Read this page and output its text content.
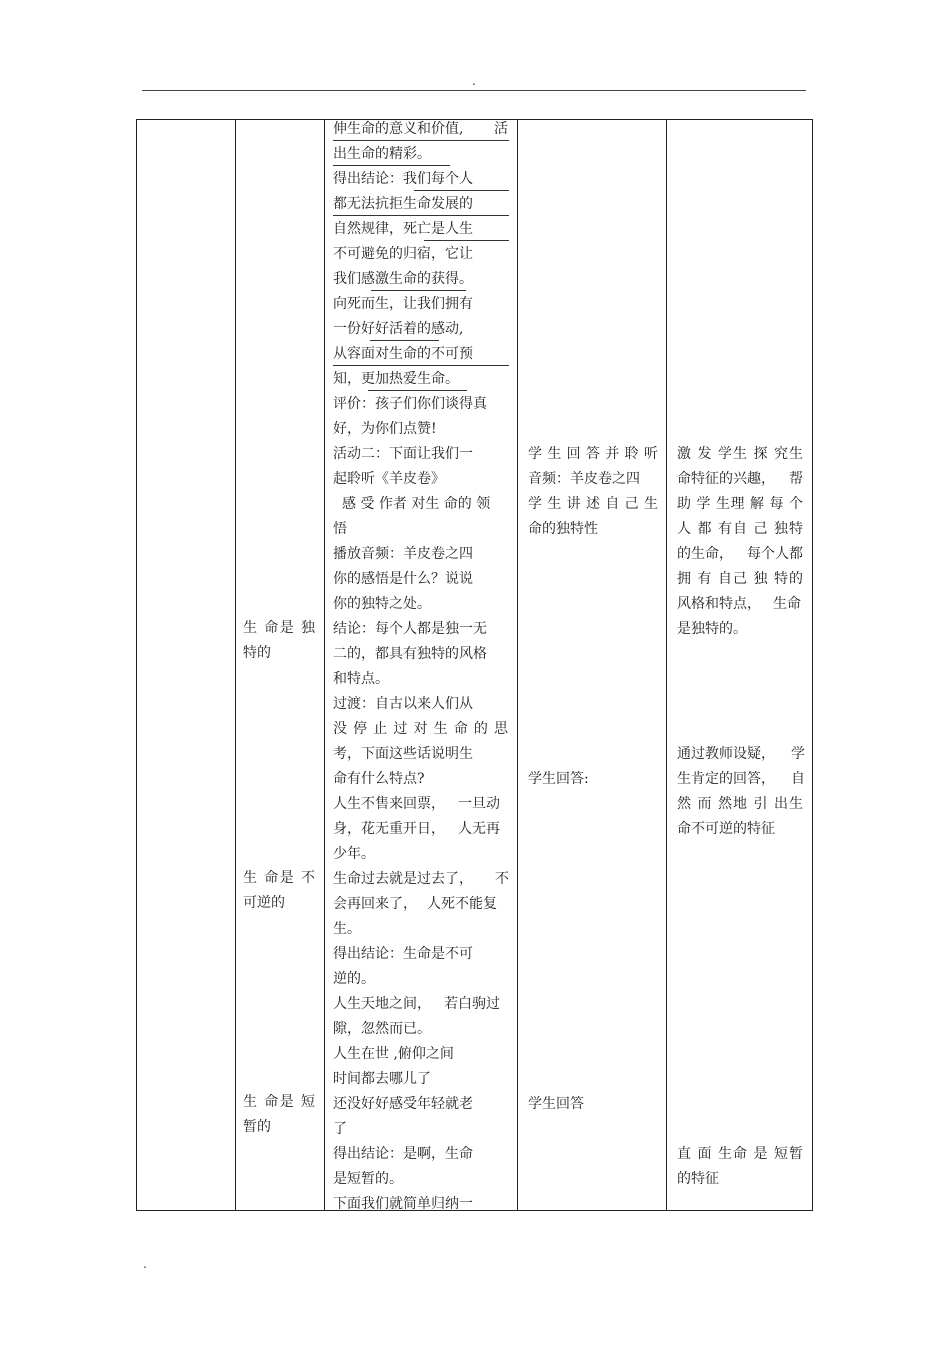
.
生 命是 独
特的
生 命是 不
可逆的
生 命是 短
暂的
伸生命的意义和价值, 活
出生命的精彩。
得出结论：我们每个人
都无法抗拒生命发展的
自然规律，死亡是人生
不可避免的归宿，它让
我们感激生命的获得。
向死而生，让我们拥有
一份好好活着的感动,
从容面对生命的不可预
知，更加热爱生命。
评价：孩子们你们谈得真
好，为你们点赞!
活动二：下面让我们一
起聆听《羊皮卷》
感 受 作者 对生 命的 领
悟
播放音频：羊皮卷之四
你的感悟是什么？说说
你的独特之处。
结论：每个人都是独一无
二的，都具有独特的风格
和特点。
过渡：自古以来人们从
没 停 止 过 对 生 命 的 思
考，下面这些话说明生
命有什么特点?
人生不售来回票， 一旦动
身，花无重开日， 人无再
少年。
生命过去就是过去了， 不
会再回来了， 人死不能复
生。
得出结论：生命是不可
逆的。
人生天地之间， 若白驹过
隙，忽然而已。
人生在世 ,俯仰之间
时间都去哪儿了
还没好好感受年轻就老
了
得出结论：是啊，生命
是短暂的。
下面我们就简单归纳一
学 生 回 答 并 聆 听
音频：羊皮卷之四
学 生 讲 述 自 己 生
命的独特性
学生回答:
学生回答
激 发 学生 探 究生
命特征的兴趣， 帮
助 学 生理 解 每 个
人 都 有自 己 独特
的生命， 每个人都
拥 有 自己 独 特的
风格和特点， 生命
是独特的。
通过教师设疑， 学
生肯定的回答， 自
然 而 然地 引 出生
命不可逆的特征
直 面 生命 是 短暂
的特征
.
